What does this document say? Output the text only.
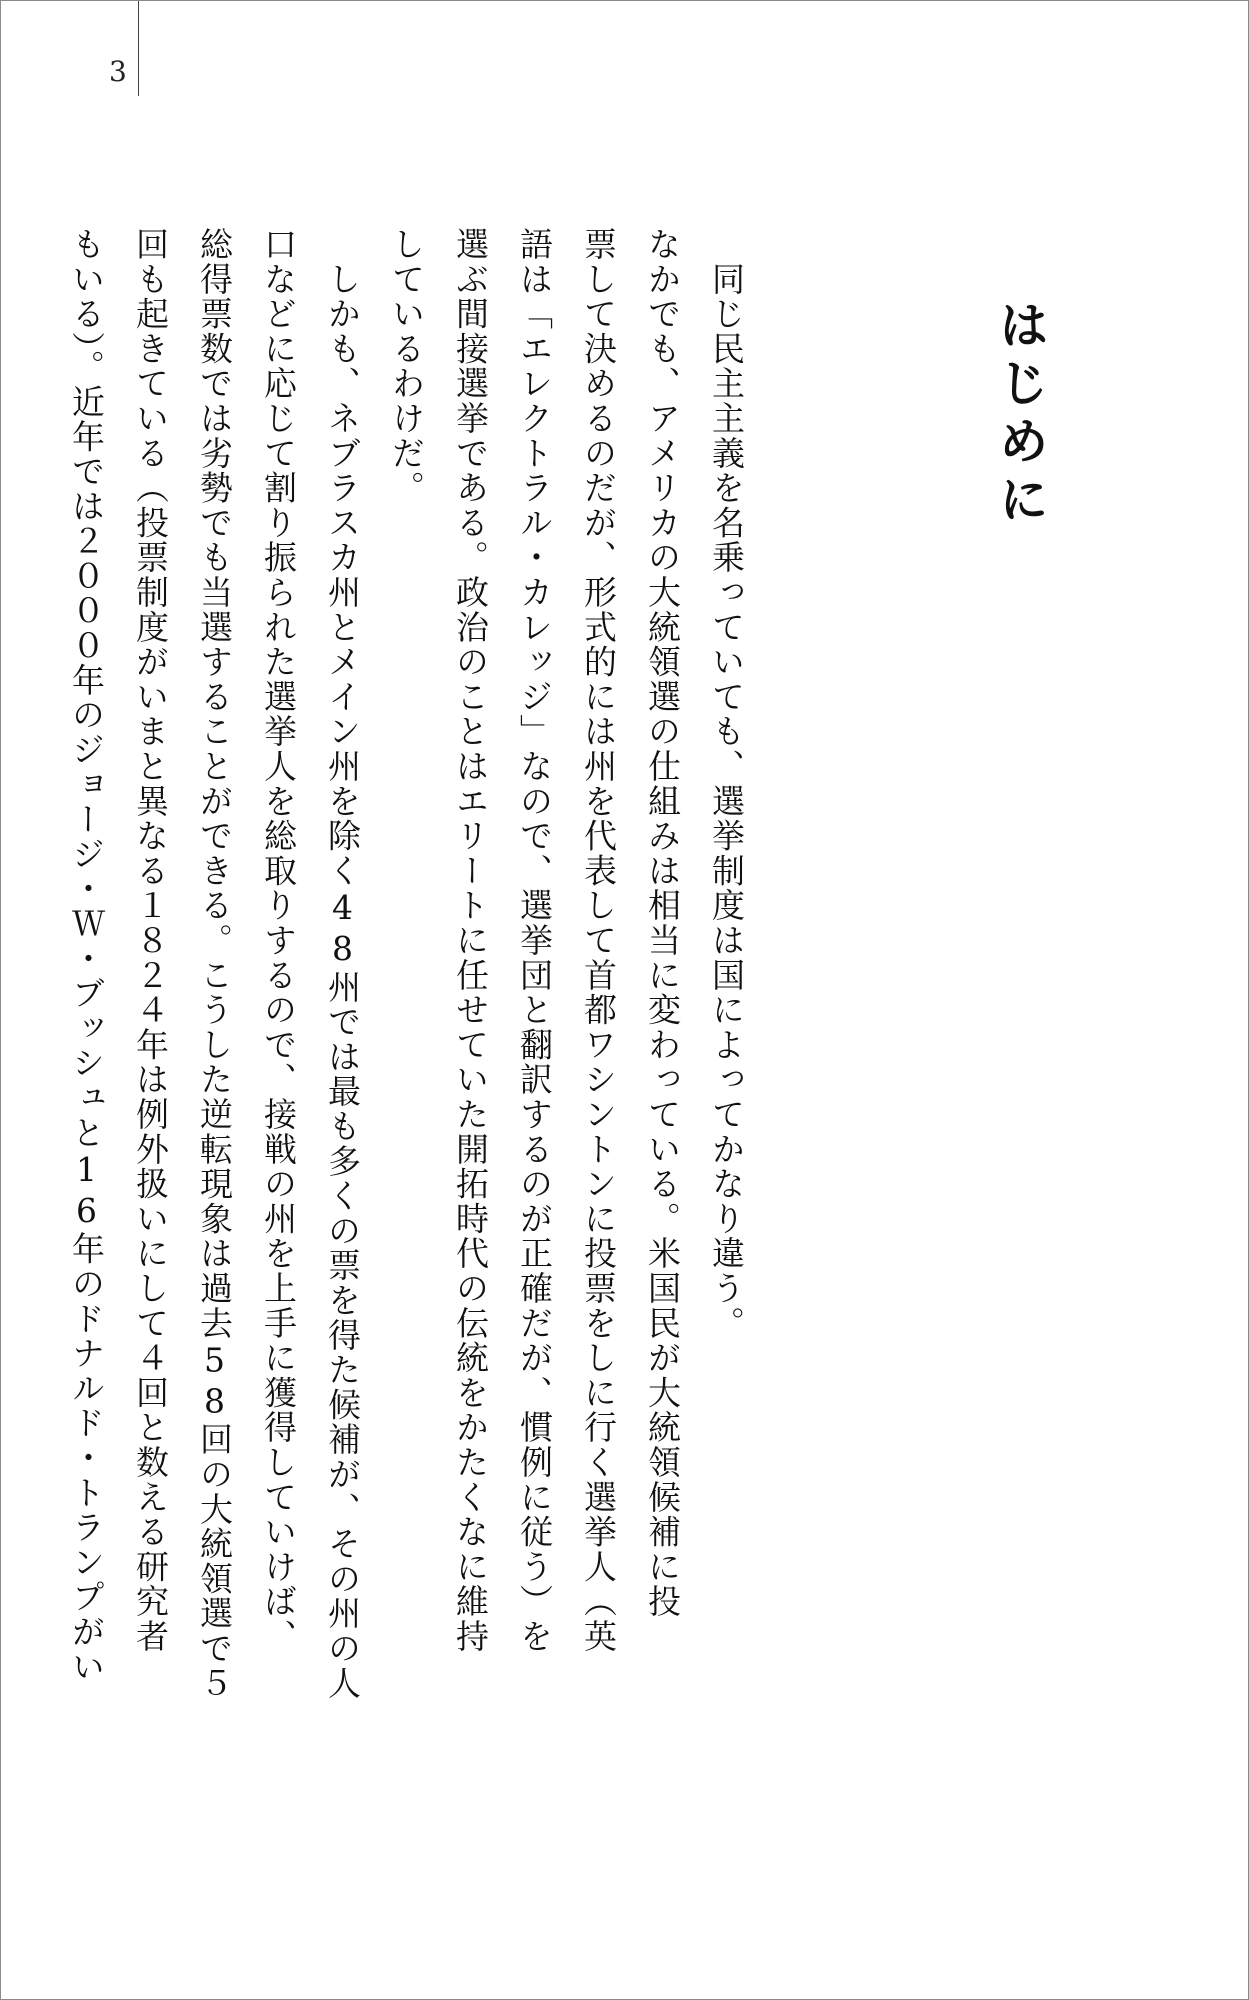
3
はじめに
　同じ民主主義を名乗っていても、選挙制度は国によってかなり違う。
なかでも、アメリカの大統領選の仕組みは相当に変わっている。米国民が大統領候補に投
票して決めるのだが、形式的には州を代表して首都ワシントンに投票をしに行く選挙人（英
語は「エレクトラル・カレッジ」なので、選挙団と翻訳するのが正確だが、慣例に従う）を
選ぶ間接選挙である。政治のことはエリートに任せていた開拓時代の伝統をかたくなに維持
しているわけだ。
　しかも、ネブラスカ州とメイン州を除く48州では最も多くの票を得た候補が、その州の人
口などに応じて割り振られた選挙人を総取りするので、接戦の州を上手に獲得していけば、
総得票数では劣勢でも当選することができる。こうした逆転現象は過去58回の大統領選で５
回も起きている（投票制度がいまと異なる１８２４年は例外扱いにして４回と数える研究者
もいる）。近年では２０００年のジョージ・Ｗ・ブッシュと16年のドナルド・トランプがい
